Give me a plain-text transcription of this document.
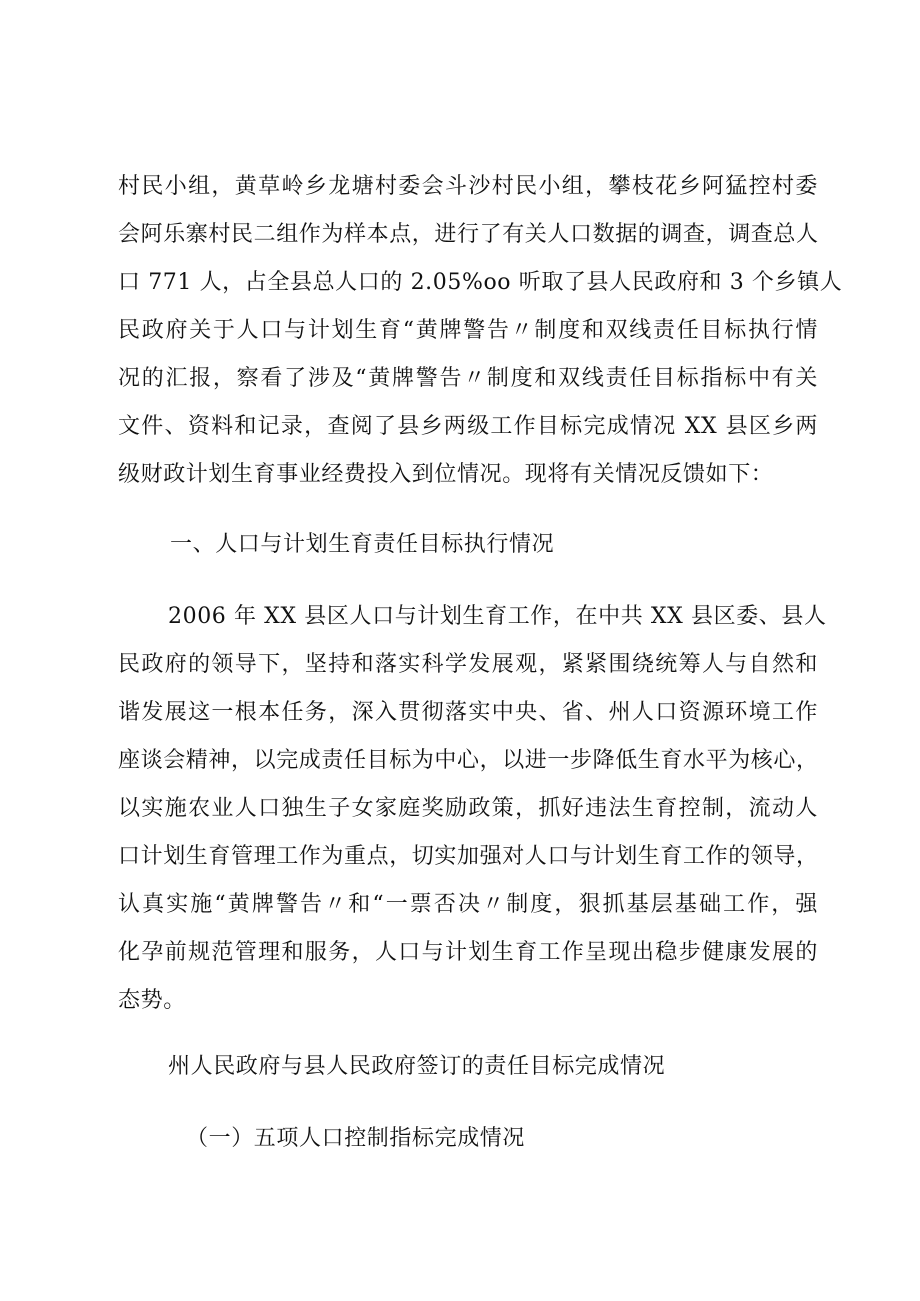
村民小组，黄草岭乡龙塘村委会斗沙村民小组，攀枝花乡阿猛控村委
会阿乐寨村民二组作为样本点，进行了有关人口数据的调查，调查总人
口 771 人，占全县总人口的 2.05%oo 听取了县人民政府和 3 个乡镇人
民政府关于人口与计划生育“黄牌警告〃制度和双线责任目标执行情
况的汇报，察看了涉及“黄牌警告〃制度和双线责任目标指标中有关
文件、资料和记录，查阅了县乡两级工作目标完成情况 XX 县区乡两
级财政计划生育事业经费投入到位情况。现将有关情况反馈如下：
一、人口与计划生育责任目标执行情况
2006 年 XX 县区人口与计划生育工作，在中共 XX 县区委、县人
民政府的领导下，坚持和落实科学发展观，紧紧围绕统筹人与自然和
谐发展这一根本任务，深入贯彻落实中央、省、州人口资源环境工作
座谈会精神，以完成责任目标为中心，以进一步降低生育水平为核心，
以实施农业人口独生子女家庭奖励政策，抓好违法生育控制，流动人
口计划生育管理工作为重点，切实加强对人口与计划生育工作的领导，
认真实施“黄牌警告〃和“一票否决〃制度，狠抓基层基础工作，强
化孕前规范管理和服务，人口与计划生育工作呈现出稳步健康发展的
态势。
州人民政府与县人民政府签订的责任目标完成情况
（一）五项人口控制指标完成情况
